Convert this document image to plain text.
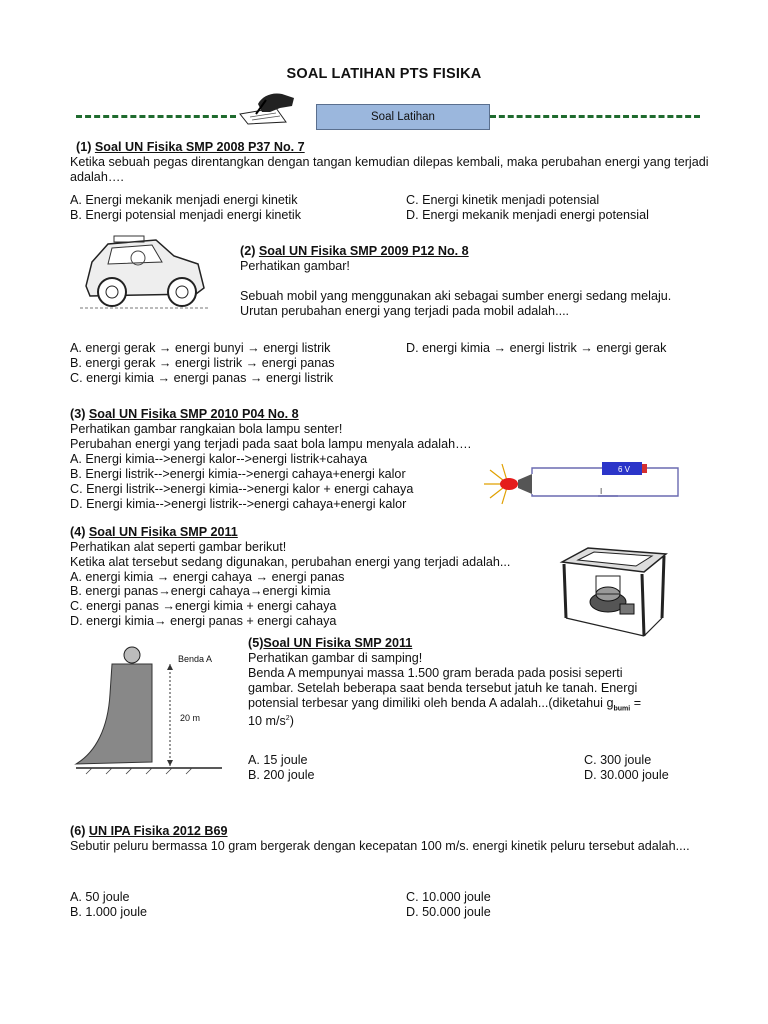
SOAL LATIHAN PTS FISIKA
Soal Latihan
(1) Soal UN Fisika SMP 2008 P37 No. 7
Ketika sebuah pegas direntangkan dengan tangan kemudian dilepas kembali, maka perubahan energi yang terjadi adalah….
A. Energi mekanik menjadi energi kinetik
B. Energi potensial menjadi energi kinetik
C. Energi kinetik menjadi potensial
D. Energi mekanik menjadi energi potensial
(2) Soal UN Fisika SMP 2009 P12 No. 8
Perhatikan gambar!
Sebuah mobil yang menggunakan aki sebagai sumber energi sedang melaju. Urutan perubahan energi yang terjadi pada mobil adalah....
A. energi gerak → energi bunyi → energi listrik
B. energi gerak → energi listrik → energi panas
C. energi kimia → energi panas → energi listrik
D. energi kimia → energi listrik → energi gerak
(3) Soal UN Fisika SMP 2010 P04 No. 8
Perhatikan gambar rangkaian bola lampu senter!
Perubahan energi yang terjadi pada saat bola lampu menyala adalah….
A. Energi kimia-->energi kalor-->energi listrik+cahaya
B. Energi listrik-->energi kimia-->energi cahaya+energi kalor
C. Energi listrik-->energi kimia-->energi kalor + energi cahaya
D. Energi kimia-->energi listrik-->energi cahaya+energi kalor
6 V
I
(4) Soal UN Fisika SMP 2011
Perhatikan alat seperti gambar berikut!
Ketika alat tersebut sedang digunakan, perubahan energi yang terjadi adalah...
A. energi kimia → energi cahaya → energi panas
B. energi panas→energi cahaya→energi kimia
C. energi panas →energi kimia + energi cahaya
D. energi kimia→ energi panas + energi cahaya
Benda A
20 m
(5)Soal UN Fisika SMP 2011
Perhatikan gambar di samping!
Benda A mempunyai massa 1.500 gram berada pada posisi seperti
gambar. Setelah beberapa saat benda tersebut jatuh ke tanah. Energi
potensial terbesar yang dimiliki oleh benda A adalah...(diketahui $g_{bumi}$ =
10 $m/s^2$)
A. 15 joule
B. 200 joule
C. 300 joule
D. 30.000 joule
(6) UN IPA Fisika 2012 B69
Sebutir peluru bermassa 10 gram bergerak dengan kecepatan 100 m/s. energi kinetik peluru tersebut adalah....
A. 50 joule
B. 1.000 joule
C. 10.000 joule
D. 50.000 joule
